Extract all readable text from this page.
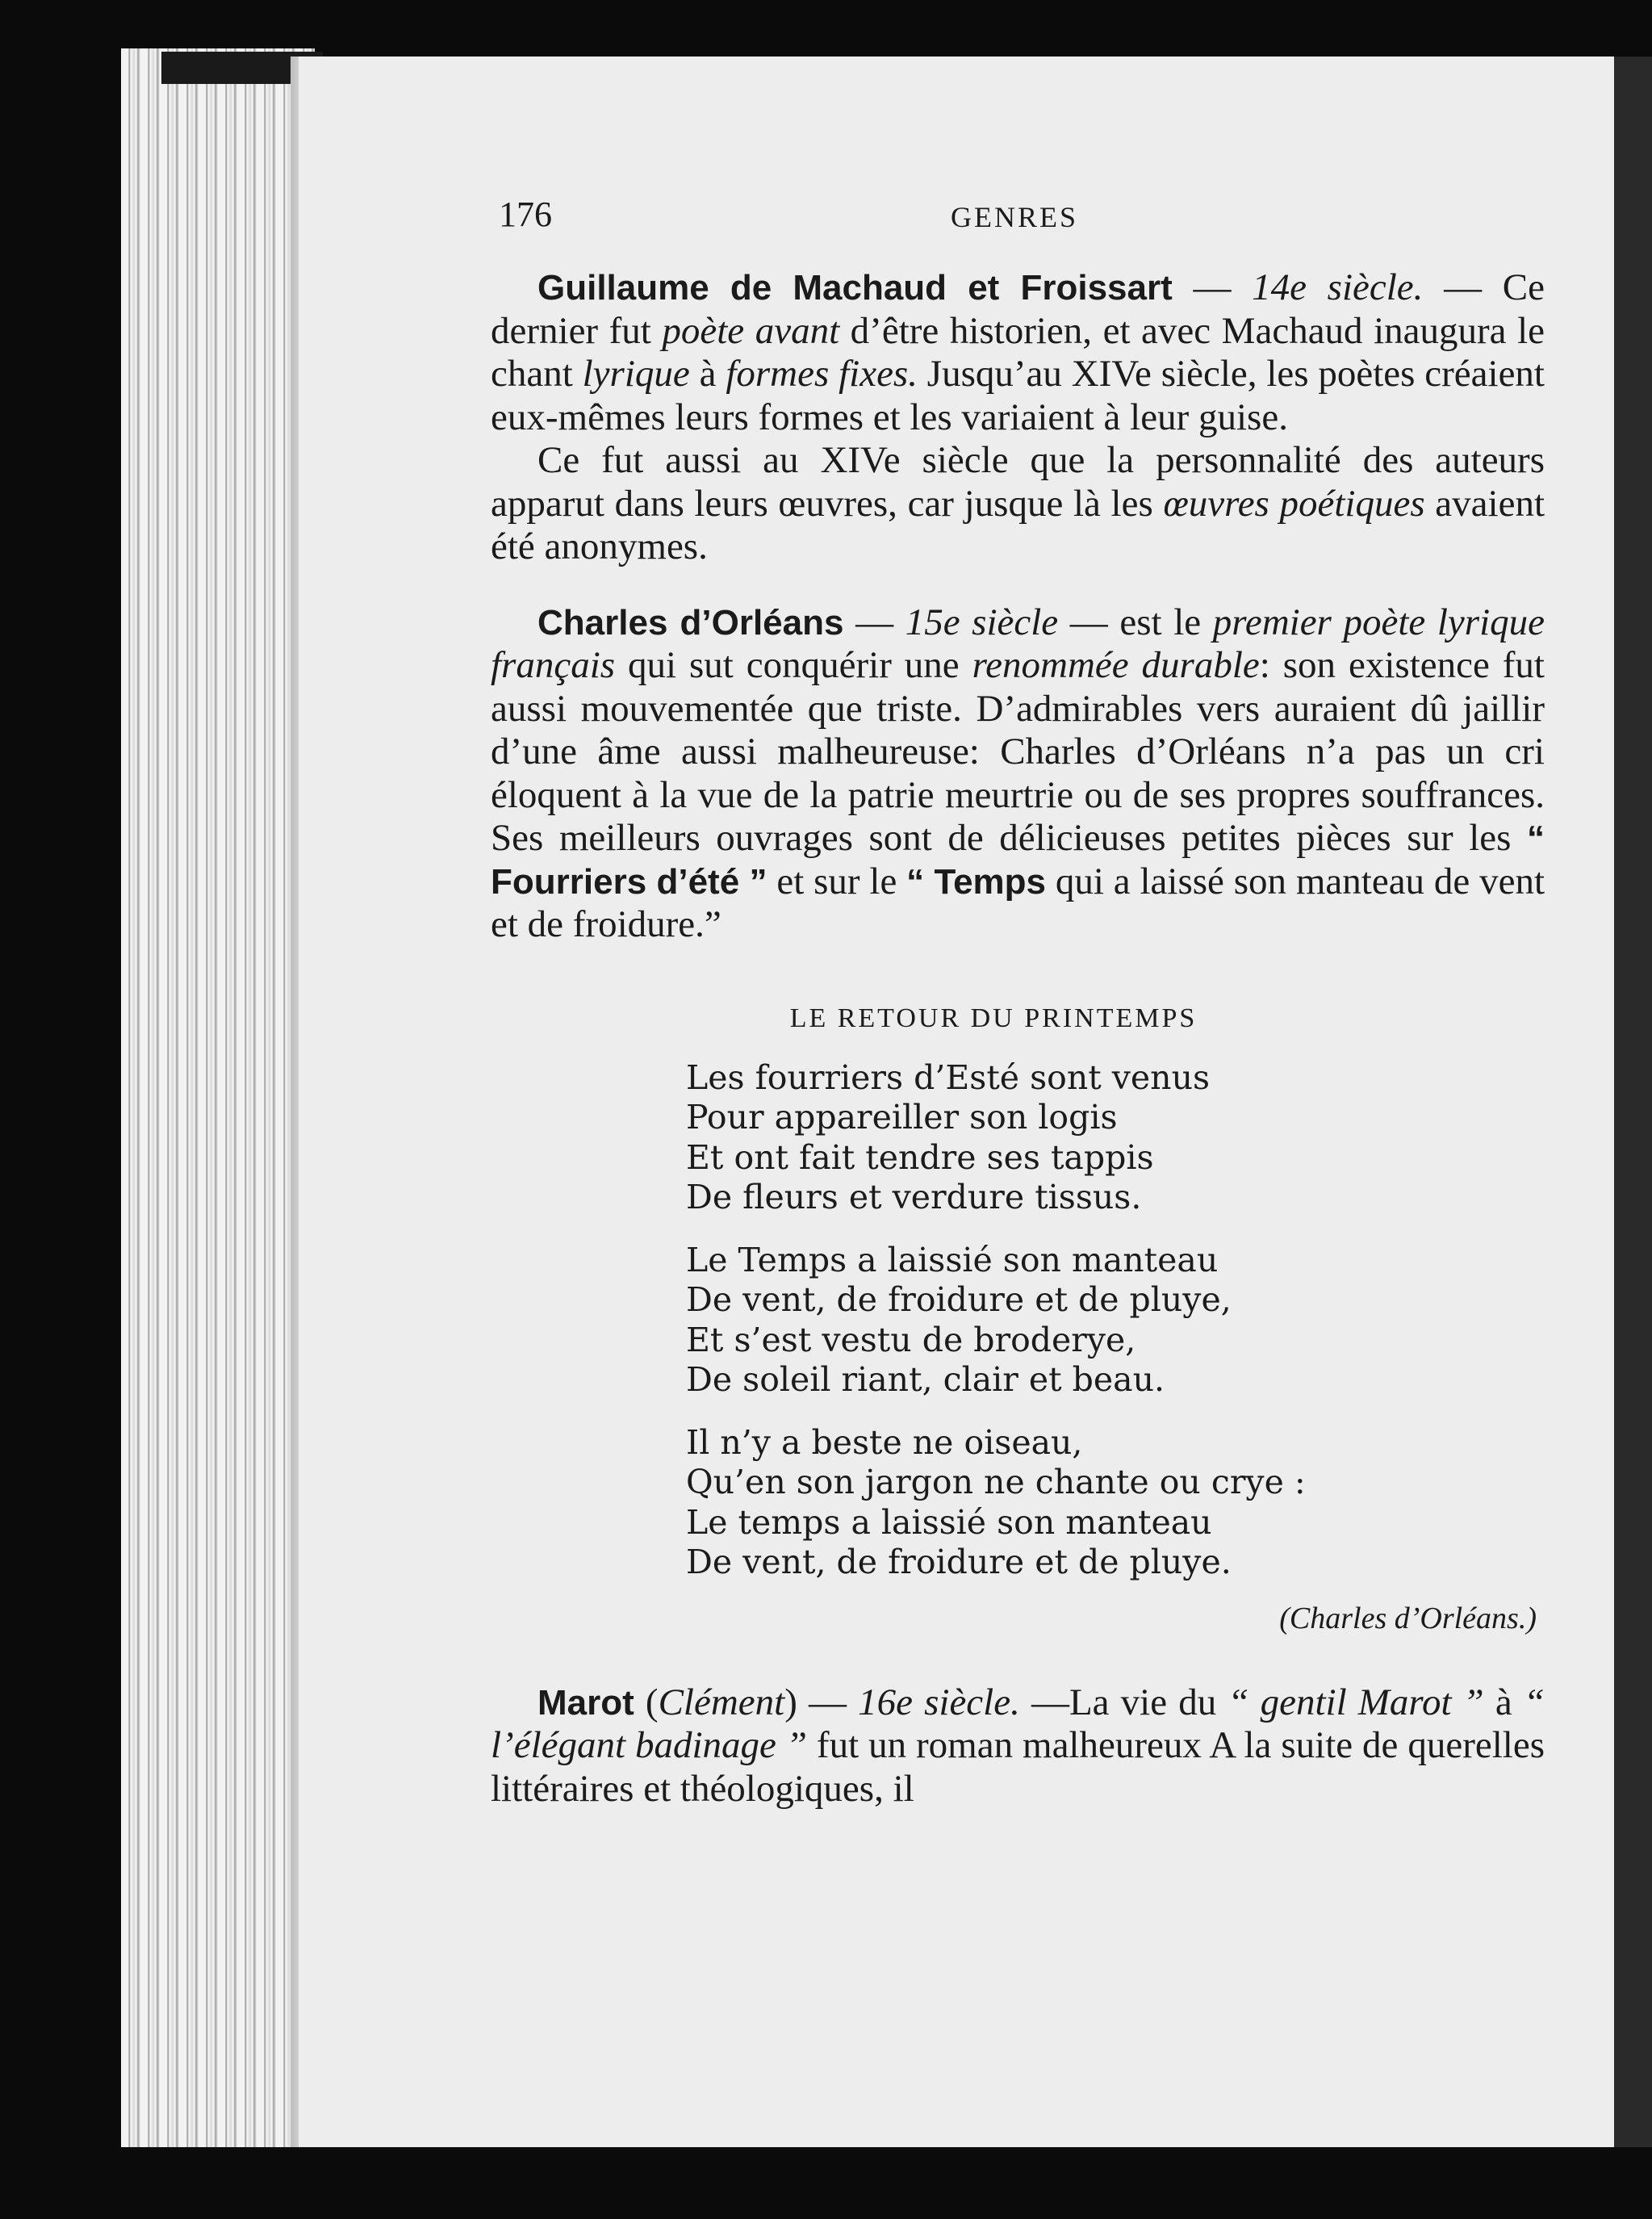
176	GENRES

Guillaume de Machaud et Froissart — 14e siècle. — Ce dernier fut poète avant d’être historien, et avec Machaud inaugura le chant lyrique à formes fixes. Jusqu’au XIVe siècle, les poètes créaient eux-mêmes leurs formes et les variaient à leur guise.

Ce fut aussi au XIVe siècle que la personnalité des auteurs apparut dans leurs œuvres, car jusque là les œuvres poétiques avaient été anonymes.

Charles d’Orléans — 15e siècle — est le premier poète lyrique français qui sut conquérir une renommée durable: son existence fut aussi mouvementée que triste. D’admirables vers auraient dû jaillir d’une âme aussi malheureuse: Charles d’Orléans n’a pas un cri éloquent à la vue de la patrie meurtrie ou de ses propres souffrances. Ses meilleurs ouvrages sont de délicieuses petites pièces sur les “ Fourriers d’été ” et sur le “ Temps qui a laissé son manteau de vent et de froidure.”

LE RETOUR DU PRINTEMPS
Les fourriers d’Esté sont venus
Pour appareiller son logis
Et ont fait tendre ses tappis
De fleurs et verdure tissus.
Le Temps a laissié son manteau
De vent, de froidure et de pluye,
Et s’est vestu de broderye,
De soleil riant, clair et beau.
Il n’y a beste ne oiseau,
Qu’en son jargon ne chante ou crye :
Le temps a laissié son manteau
De vent, de froidure et de pluye.
(Charles d’Orléans.)

Marot (Clément) — 16e siècle. —La vie du “ gentil Marot ” à “ l’élégant badinage ” fut un roman malheureux A la suite de querelles littéraires et théologiques, il
